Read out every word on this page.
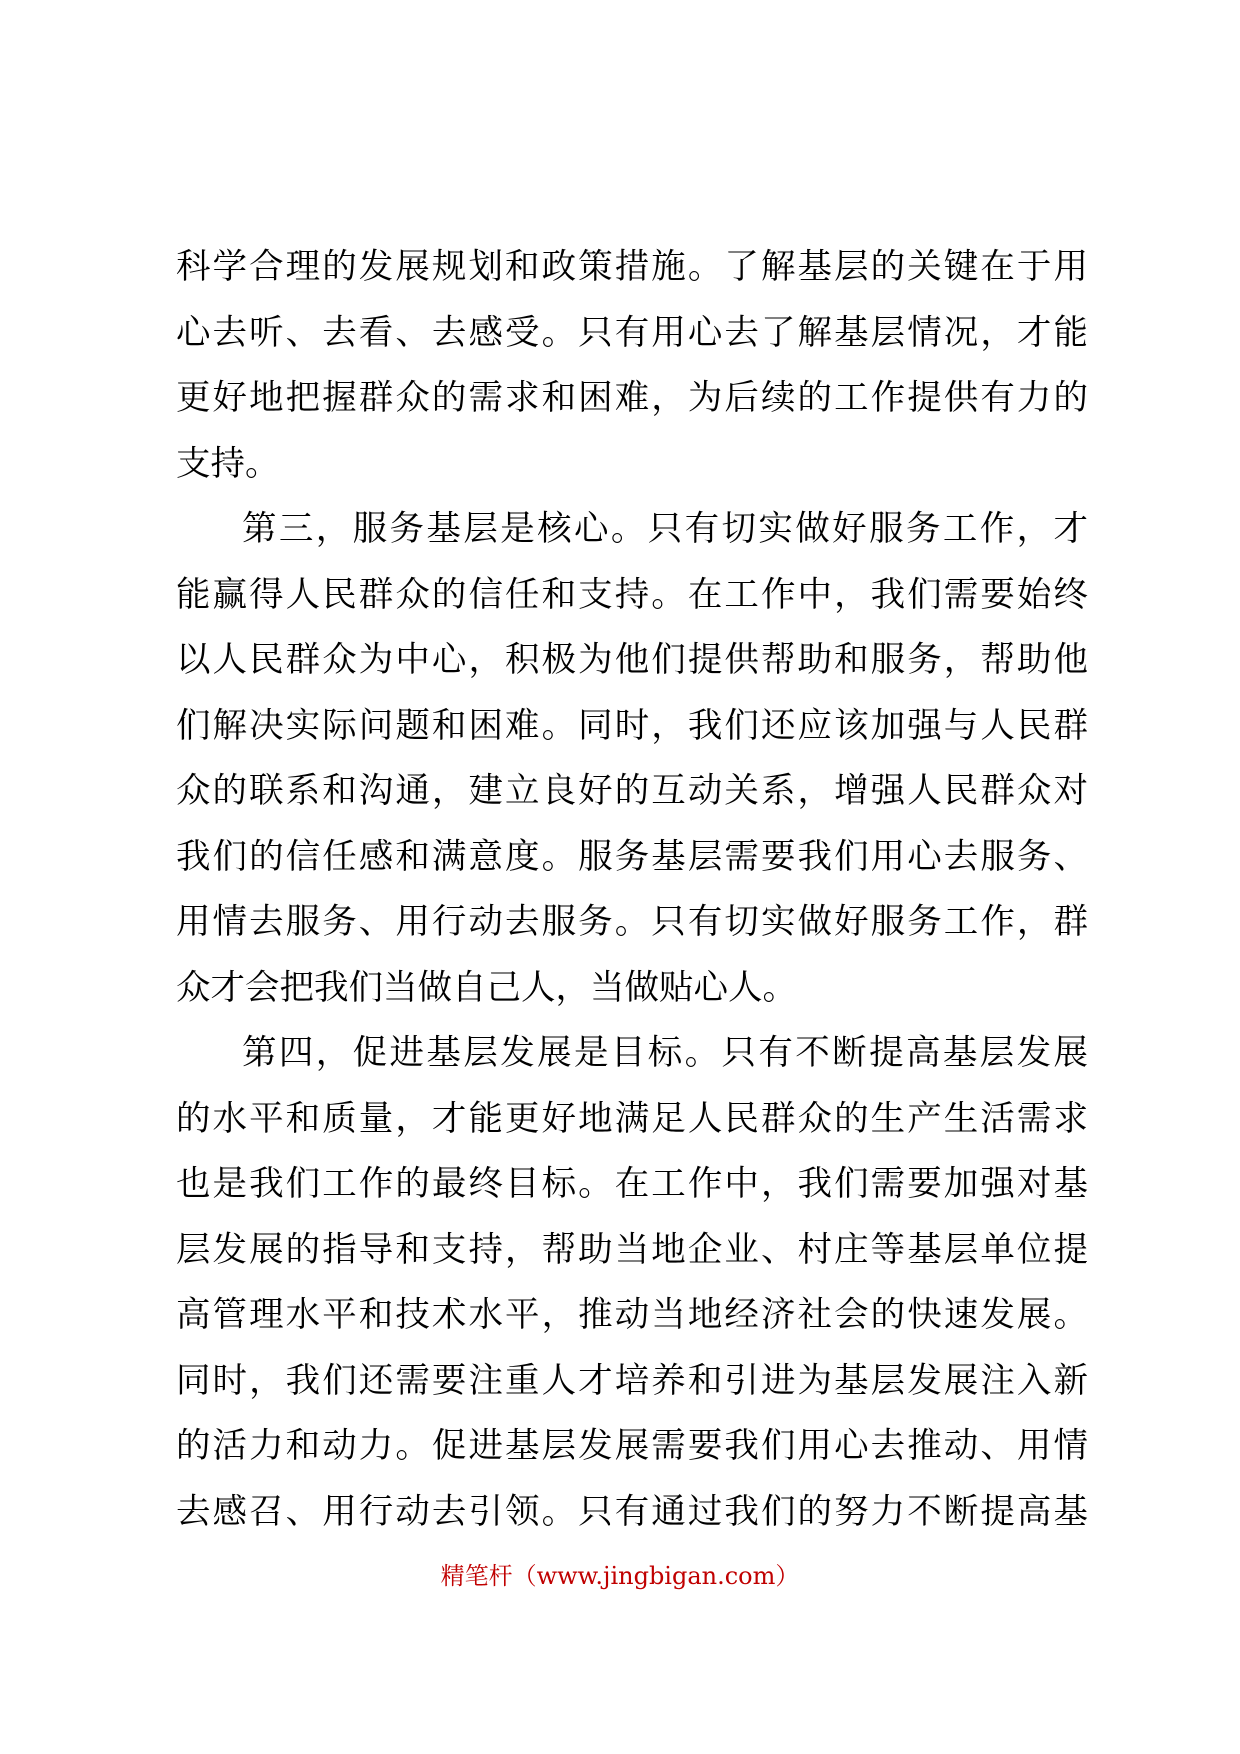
科学合理的发展规划和政策措施。了解基层的关键在于用
心去听、去看、去感受。只有用心去了解基层情况，才能
更好地把握群众的需求和困难，为后续的工作提供有力的
支持。
第三，服务基层是核心。只有切实做好服务工作，才
能赢得人民群众的信任和支持。在工作中，我们需要始终
以人民群众为中心，积极为他们提供帮助和服务，帮助他
们解决实际问题和困难。同时，我们还应该加强与人民群
众的联系和沟通，建立良好的互动关系，增强人民群众对
我们的信任感和满意度。服务基层需要我们用心去服务、
用情去服务、用行动去服务。只有切实做好服务工作，群
众才会把我们当做自己人，当做贴心人。
第四，促进基层发展是目标。只有不断提高基层发展
的水平和质量，才能更好地满足人民群众的生产生活需求
也是我们工作的最终目标。在工作中，我们需要加强对基
层发展的指导和支持，帮助当地企业、村庄等基层单位提
高管理水平和技术水平，推动当地经济社会的快速发展。
同时，我们还需要注重人才培养和引进为基层发展注入新
的活力和动力。促进基层发展需要我们用心去推动、用情
去感召、用行动去引领。只有通过我们的努力不断提高基
精笔杆（www.jingbigan.com）
